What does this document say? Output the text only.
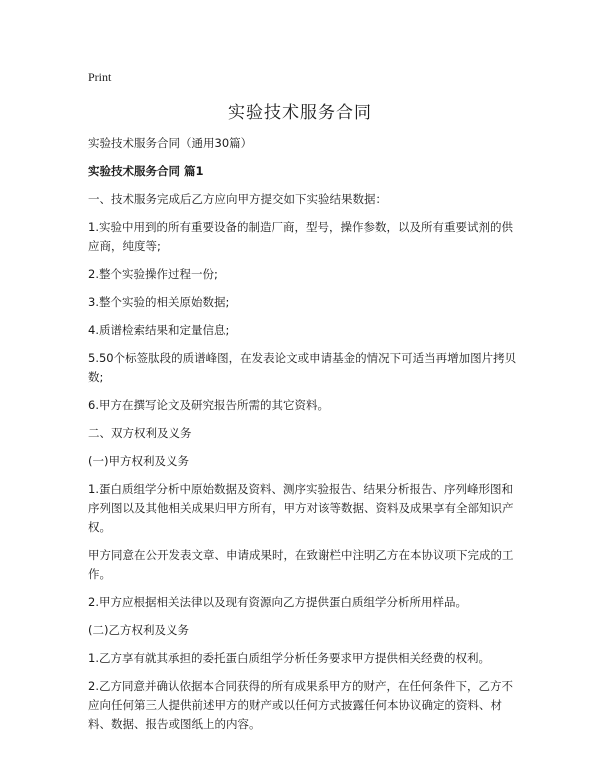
Print
实验技术服务合同

实验技术服务合同（通用30篇）

实验技术服务合同 篇1

一、技术服务完成后乙方应向甲方提交如下实验结果数据：

1.实验中用到的所有重要设备的制造厂商，型号，操作参数，以及所有重要试剂的供应商，纯度等;

2.整个实验操作过程一份;

3.整个实验的相关原始数据;

4.质谱检索结果和定量信息;

5.50个标签肽段的质谱峰图，在发表论文或申请基金的情况下可适当再增加图片拷贝数;

6.甲方在撰写论文及研究报告所需的其它资料。

二、双方权利及义务

(一)甲方权利及义务

1.蛋白质组学分析中原始数据及资料、测序实验报告、结果分析报告、序列峰形图和序列图以及其他相关成果归甲方所有，甲方对该等数据、资料及成果享有全部知识产权。

甲方同意在公开发表文章、申请成果时，在致谢栏中注明乙方在本协议项下完成的工作。

2.甲方应根据相关法律以及现有资源向乙方提供蛋白质组学分析所用样品。

(二)乙方权利及义务

1.乙方享有就其承担的委托蛋白质组学分析任务要求甲方提供相关经费的权利。

2.乙方同意并确认依据本合同获得的所有成果系甲方的财产，在任何条件下，乙方不应向任何第三人提供前述甲方的财产或以任何方式披露任何本协议确定的资料、材料、数据、报告或图纸上的内容。
